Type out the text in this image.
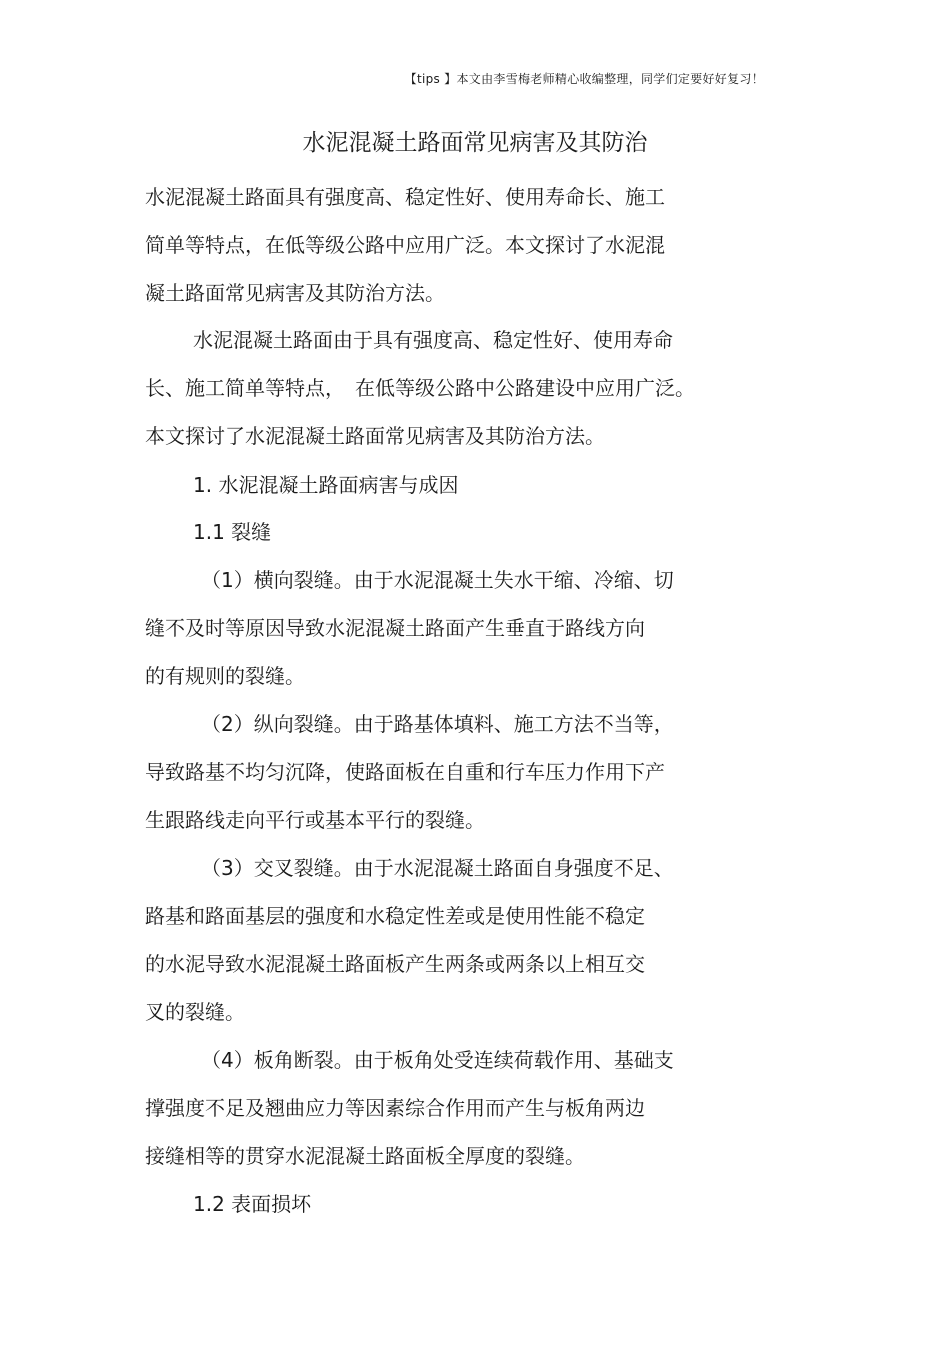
【tips 】本文由李雪梅老师精心收编整理，同学们定要好好复习！
水泥混凝土路面常见病害及其防治
水泥混凝土路面具有强度高、稳定性好、使用寿命长、施工
简单等特点，在低等级公路中应用广泛。本文探讨了水泥混
凝土路面常见病害及其防治方法。
水泥混凝土路面由于具有强度高、稳定性好、使用寿命
长、施工简单等特点，　在低等级公路中公路建设中应用广泛。
本文探讨了水泥混凝土路面常见病害及其防治方法。
1. 水泥混凝土路面病害与成因
1.1 裂缝
（1）横向裂缝。由于水泥混凝土失水干缩、冷缩、切
缝不及时等原因导致水泥混凝土路面产生垂直于路线方向
的有规则的裂缝。
（2）纵向裂缝。由于路基体填料、施工方法不当等，
导致路基不均匀沉降，使路面板在自重和行车压力作用下产
生跟路线走向平行或基本平行的裂缝。
（3）交叉裂缝。由于水泥混凝土路面自身强度不足、
路基和路面基层的强度和水稳定性差或是使用性能不稳定
的水泥导致水泥混凝土路面板产生两条或两条以上相互交
叉的裂缝。
（4）板角断裂。由于板角处受连续荷载作用、基础支
撑强度不足及翘曲应力等因素综合作用而产生与板角两边
接缝相等的贯穿水泥混凝土路面板全厚度的裂缝。
1.2 表面损坏
